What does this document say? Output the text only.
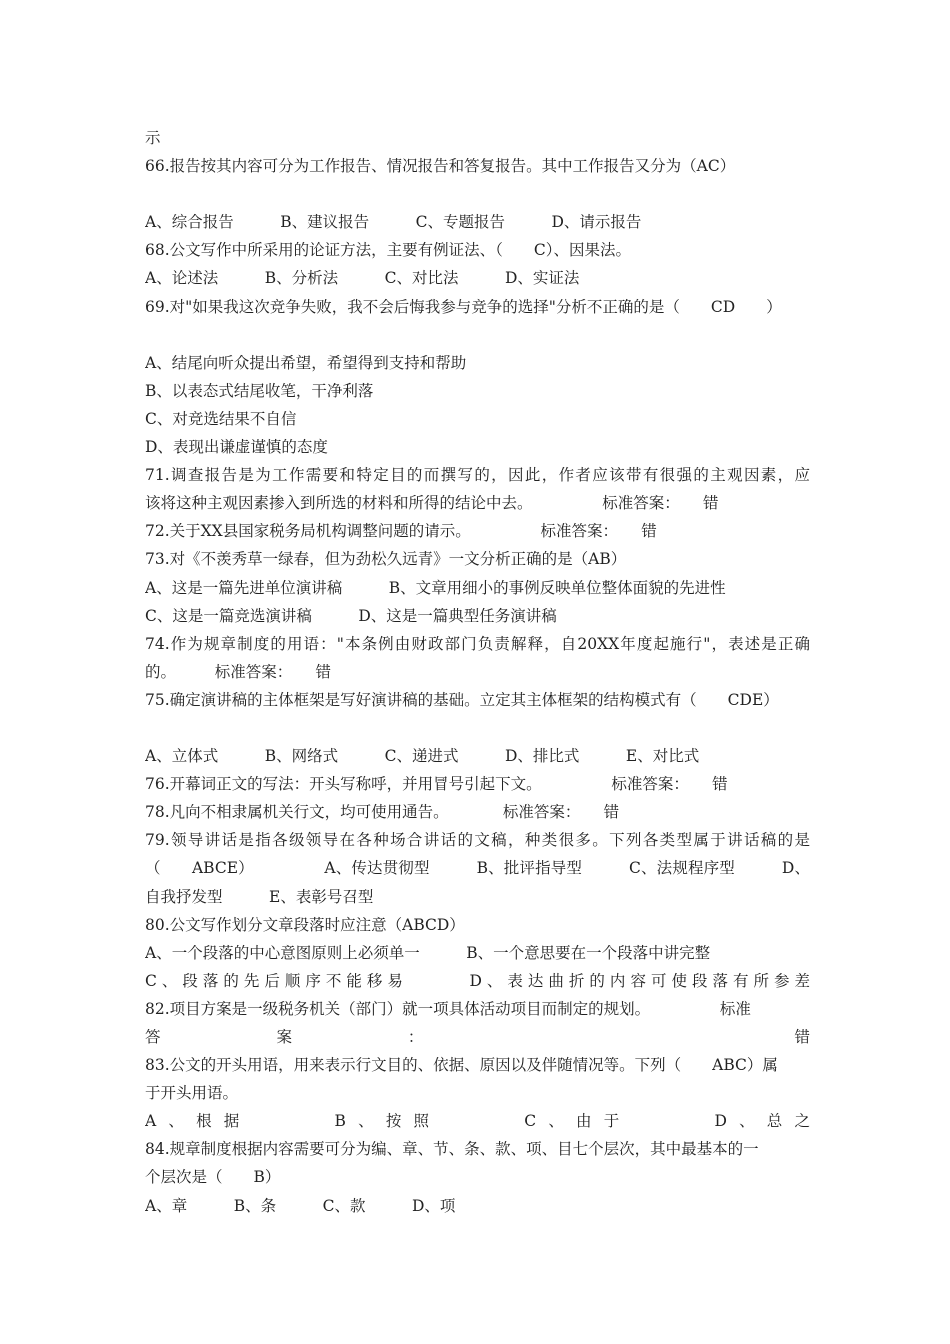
示
66.报告按其内容可分为工作报告、情况报告和答复报告。其中工作报告又分为（AC）
A、综合报告　　　B、建议报告　　　C、专题报告　　　D、请示报告
68.公文写作中所采用的论证方法，主要有例证法、（　　C）、因果法。
A、论述法　　　B、分析法　　　C、对比法　　　D、实证法
69.对"如果我这次竞争失败，我不会后悔我参与竞争的选择"分析不正确的是（　　CD　　）
A、结尾向听众提出希望，希望得到支持和帮助
B、以表态式结尾收笔，干净利落
C、对竞选结果不自信
D、表现出谦虚谨慎的态度
71.调查报告是为工作需要和特定目的而撰写的，因此，作者应该带有很强的主观因素，应
该将这种主观因素掺入到所选的材料和所得的结论中去。　　　　　标准答案：　　错
72.关于XX县国家税务局机构调整问题的请示。　　　　　标准答案：　　错
73.对《不羡秀草一绿春，但为劲松久远青》一文分析正确的是（AB）
A、这是一篇先进单位演讲稿　　　B、文章用细小的事例反映单位整体面貌的先进性
C、这是一篇竞选演讲稿　　　D、这是一篇典型任务演讲稿
74.作为规章制度的用语："本条例由财政部门负责解释，自20XX年度起施行"，表述是正确
的。　　　标准答案：　　错
75.确定演讲稿的主体框架是写好演讲稿的基础。立定其主体框架的结构模式有（　　CDE）
A、立体式　　　B、网络式　　　C、递进式　　　D、排比式　　　E、对比式
76.开幕词正文的写法：开头写称呼，并用冒号引起下文。　　　　　标准答案：　　错
78.凡向不相隶属机关行文，均可使用通告。　　　　标准答案：　　错
79.领导讲话是指各级领导在各种场合讲话的文稿，种类很多。下列各类型属于讲话稿的是
（　　ABCE）　　　　　A、传达贯彻型　　　B、批评指导型　　　C、法规程序型　　　D、
自我抒发型　　　E、表彰号召型
80.公文写作划分文章段落时应注意（ABCD）
A、一个段落的中心意图原则上必须单一　　　B、一个意思要在一个段落中讲完整
C、段落的先后顺序不能移易　　　D、表达曲折的内容可使段落有所参差
82.项目方案是一级税务机关（部门）就一项具体活动项目而制定的规划。　　　　　标准
答案：　　错
83.公文的开头用语，用来表示行文目的、依据、原因以及伴随情况等。下列（　　ABC）属
于开头用语。
A、根据　　　B、按照　　　C、由于　　　D、总之
84.规章制度根据内容需要可分为编、章、节、条、款、项、目七个层次，其中最基本的一
个层次是（　　B）
A、章　　　B、条　　　C、款　　　D、项
